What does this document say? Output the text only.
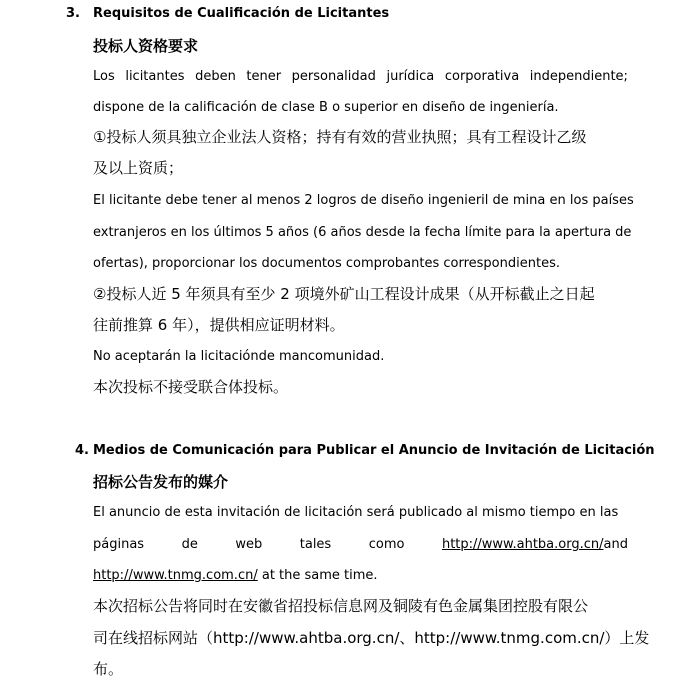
3. Requisitos de Cualificación de Licitantes
投标人资格要求
Los licitantes deben tener personalidad jurídica corporativa independiente;
dispone de la calificación de clase B o superior en diseño de ingeniería.
①投标人须具独立企业法人资格；持有有效的营业执照；具有工程设计乙级
及以上资质；
El licitante debe tener al menos 2 logros de diseño ingenieril de mina en los países
extranjeros en los últimos 5 años (6 años desde la fecha límite para la apertura de
ofertas), proporcionar los documentos comprobantes correspondientes.
②投标人近 5 年须具有至少 2 项境外矿山工程设计成果（从开标截止之日起
往前推算 6 年），提供相应证明材料。
No aceptarán la licitaciónde mancomunidad.
本次投标不接受联合体投标。
4. Medios de Comunicación para Publicar el Anuncio de Invitación de Licitación
招标公告发布的媒介
El anuncio de esta invitación de licitación será publicado al mismo tiempo en las
páginas	de	web	tales	como	http://www.ahtba.org.cn/and
http://www.tnmg.com.cn/ at the same time.
本次招标公告将同时在安徽省招投标信息网及铜陵有色金属集团控股有限公
司在线招标网站（http://www.ahtba.org.cn/、http://www.tnmg.com.cn/）上发
布。
